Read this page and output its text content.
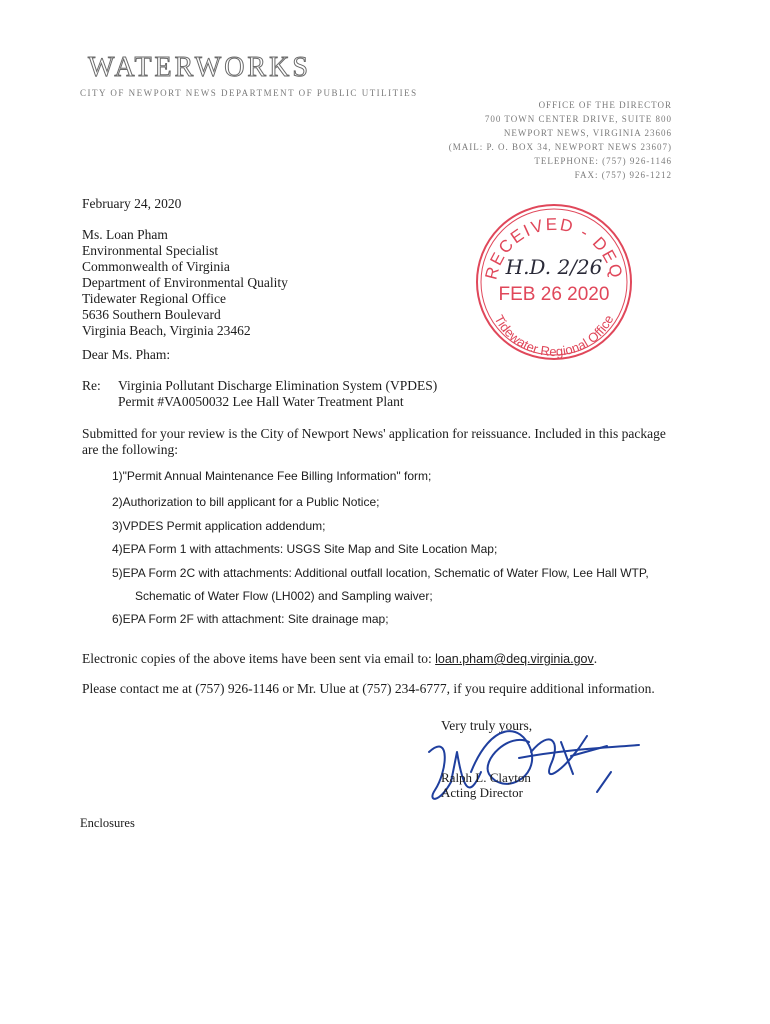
WATERWORKS
CITY OF NEWPORT NEWS DEPARTMENT OF PUBLIC UTILITIES
OFFICE OF THE DIRECTOR
700 TOWN CENTER DRIVE, SUITE 800
NEWPORT NEWS, VIRGINIA 23606
(MAIL: P. O. BOX 34, NEWPORT NEWS 23607)
TELEPHONE: (757) 926-1146
FAX: (757) 926-1212
February 24, 2020
Ms. Loan Pham
Environmental Specialist
Commonwealth of Virginia
Department of Environmental Quality
Tidewater Regional Office
5636 Southern Boulevard
Virginia Beach, Virginia 23462
RECEIVED - DEQ
H.D. 2/26
FEB 26 2020
Tidewater Regional Office
Dear Ms. Pham:
Re: Virginia Pollutant Discharge Elimination System (VPDES)
Permit #VA0050032 Lee Hall Water Treatment Plant
Submitted for your review is the City of Newport News' application for reissuance. Included in this package are the following:
1)"Permit Annual Maintenance Fee Billing Information" form;
2)Authorization to bill applicant for a Public Notice;
3)VPDES Permit application addendum;
4)EPA Form 1 with attachments: USGS Site Map and Site Location Map;
5)EPA Form 2C with attachments: Additional outfall location, Schematic of Water Flow, Lee Hall WTP,
Schematic of Water Flow (LH002) and Sampling waiver;
6)EPA Form 2F with attachment: Site drainage map;
Electronic copies of the above items have been sent via email to: loan.pham@deq.virginia.gov.
Please contact me at (757) 926-1146 or Mr. Ulue at (757) 234-6777, if you require additional information.
Very truly yours,
Ralph L. Clayton
Acting Director
Enclosures
